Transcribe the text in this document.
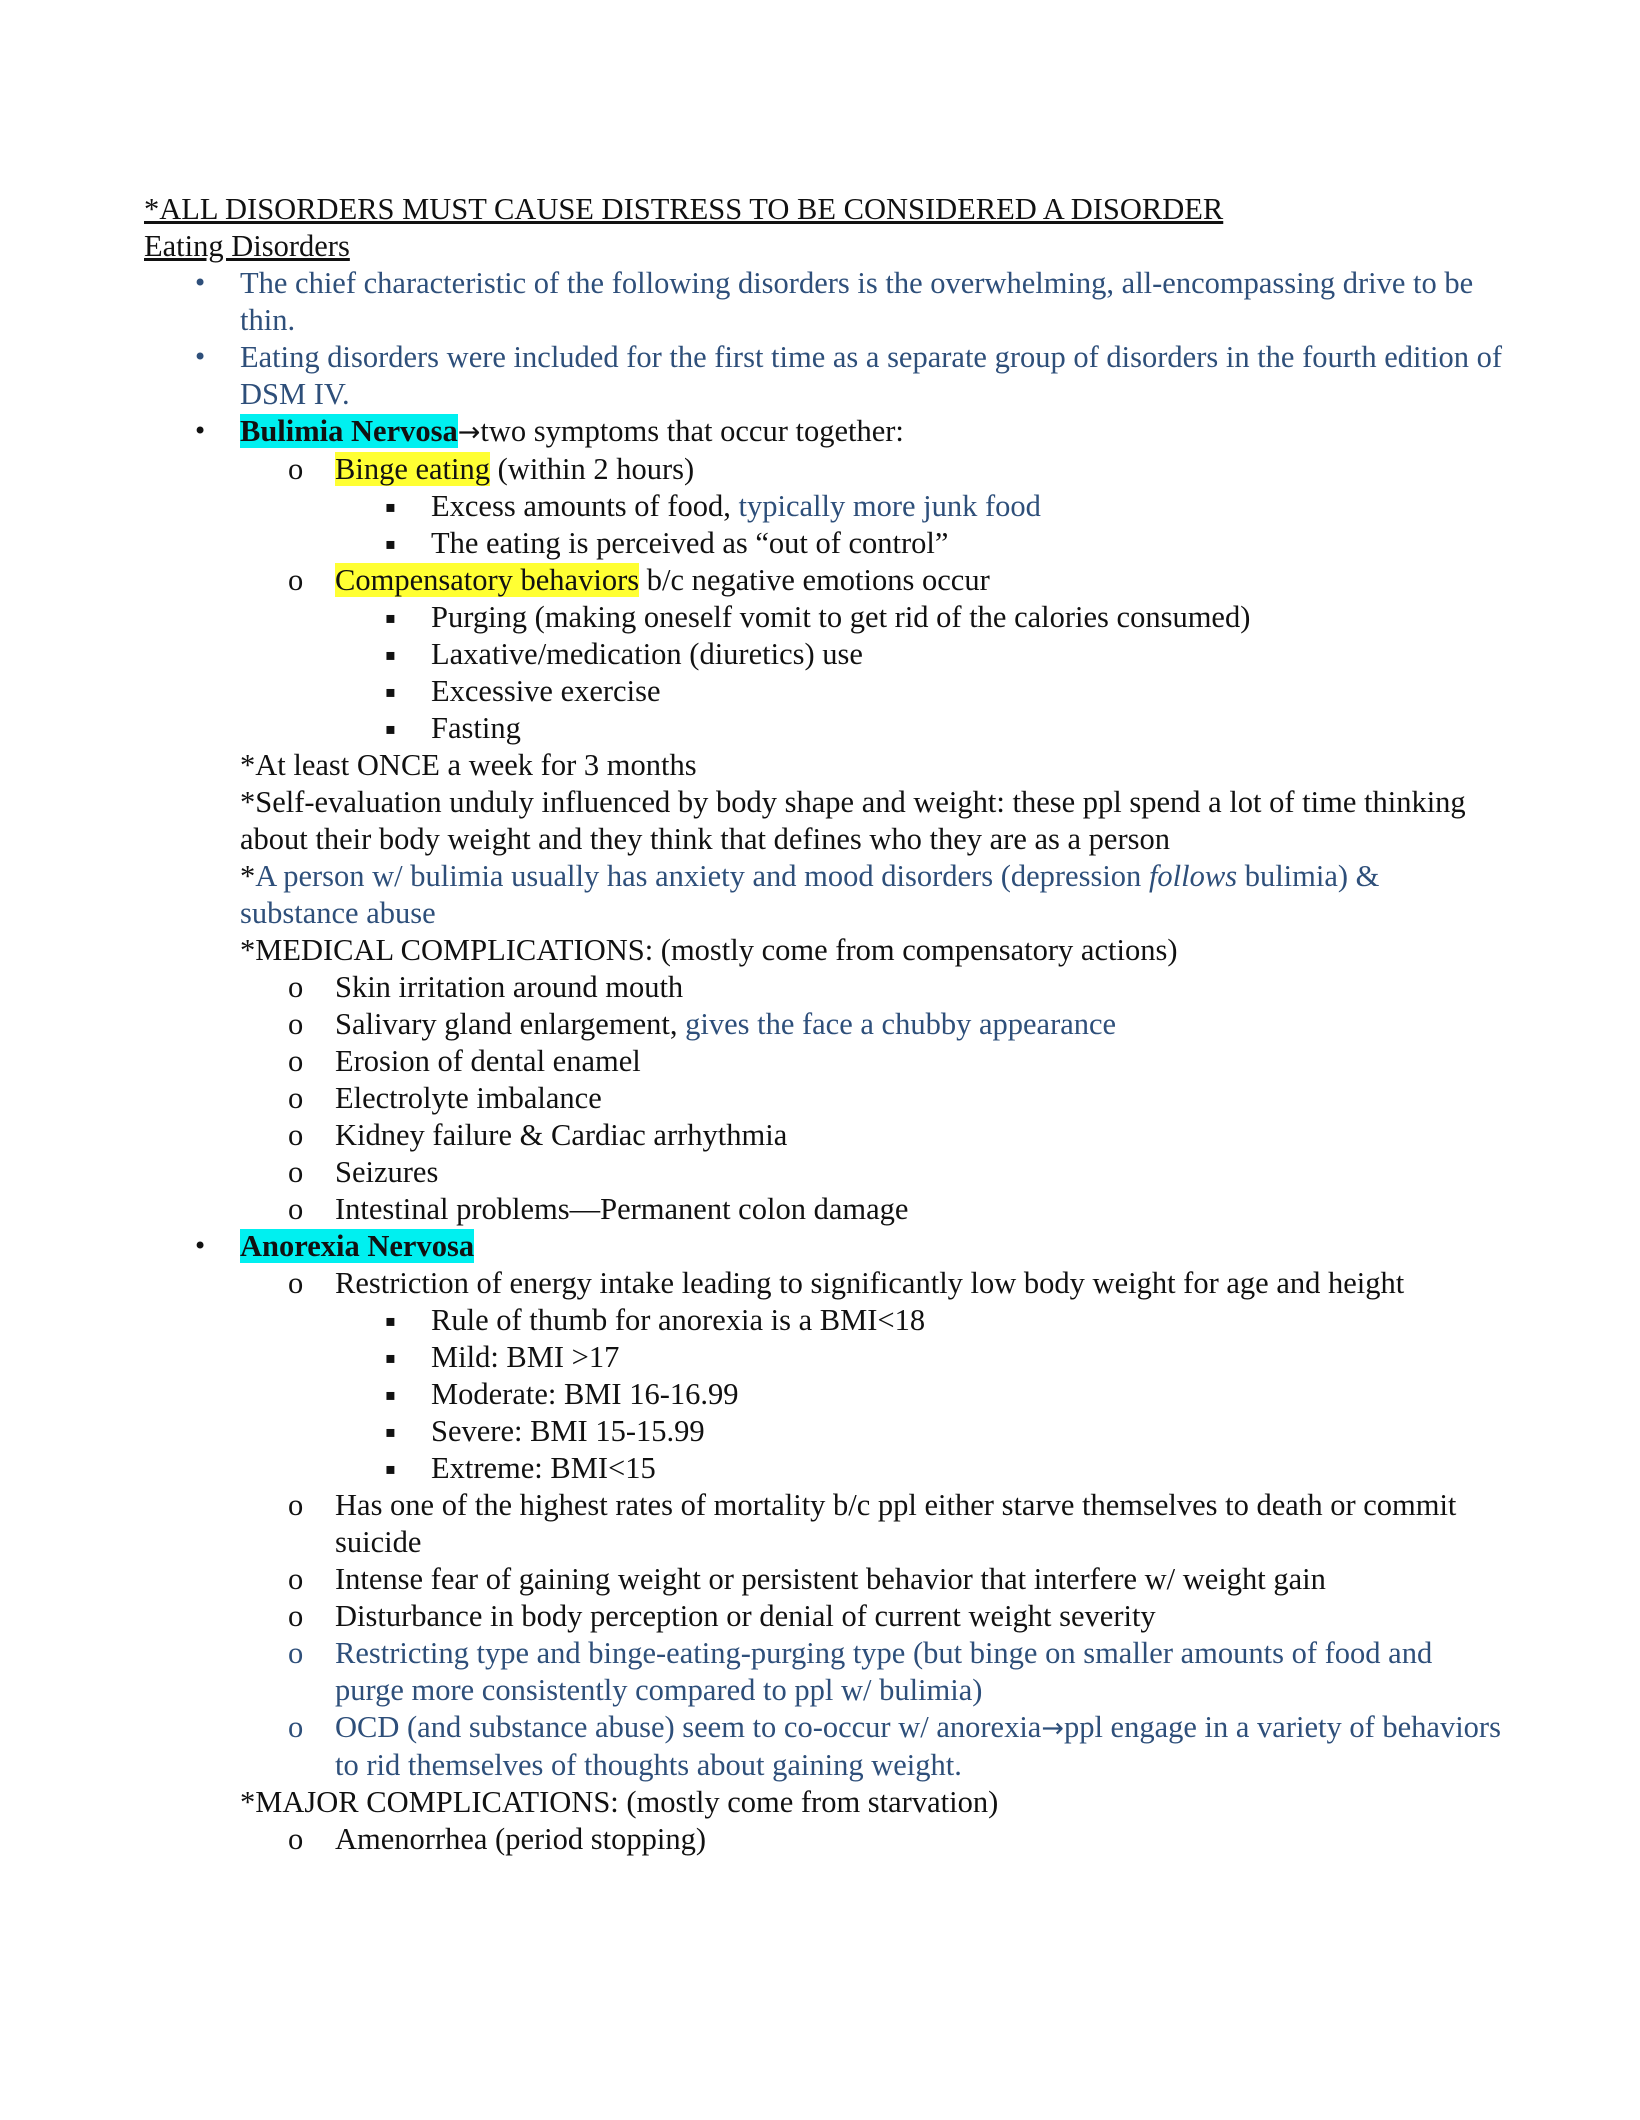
*ALL DISORDERS MUST CAUSE DISTRESS TO BE CONSIDERED A DISORDER

Eating Disorders

• The chief characteristic of the following disorders is the overwhelming, all-encompassing drive to be thin.
• Eating disorders were included for the first time as a separate group of disorders in the fourth edition of DSM IV.
• Bulimia Nervosa→two symptoms that occur together:
o Binge eating (within 2 hours)
▪ Excess amounts of food, typically more junk food
▪ The eating is perceived as “out of control”
o Compensatory behaviors b/c negative emotions occur
▪ Purging (making oneself vomit to get rid of the calories consumed)
▪ Laxative/medication (diuretics) use
▪ Excessive exercise
▪ Fasting

*At least ONCE a week for 3 months

*Self-evaluation unduly influenced by body shape and weight: these ppl spend a lot of time thinking about their body weight and they think that defines who they are as a person

*A person w/ bulimia usually has anxiety and mood disorders (depression follows bulimia) & substance abuse

*MEDICAL COMPLICATIONS: (mostly come from compensatory actions)

o Skin irritation around mouth
o Salivary gland enlargement, gives the face a chubby appearance
o Erosion of dental enamel
o Electrolyte imbalance
o Kidney failure & Cardiac arrhythmia
o Seizures
o Intestinal problems—Permanent colon damage
• Anorexia Nervosa
o Restriction of energy intake leading to significantly low body weight for age and height
▪ Rule of thumb for anorexia is a BMI<18
▪ Mild: BMI >17
▪ Moderate: BMI 16-16.99
▪ Severe: BMI 15-15.99
▪ Extreme: BMI<15
o Has one of the highest rates of mortality b/c ppl either starve themselves to death or commit suicide
o Intense fear of gaining weight or persistent behavior that interfere w/ weight gain
o Disturbance in body perception or denial of current weight severity
o Restricting type and binge-eating-purging type (but binge on smaller amounts of food and purge more consistently compared to ppl w/ bulimia)
o OCD (and substance abuse) seem to co-occur w/ anorexia→ppl engage in a variety of behaviors to rid themselves of thoughts about gaining weight.

*MAJOR COMPLICATIONS: (mostly come from starvation)

o Amenorrhea (period stopping)
